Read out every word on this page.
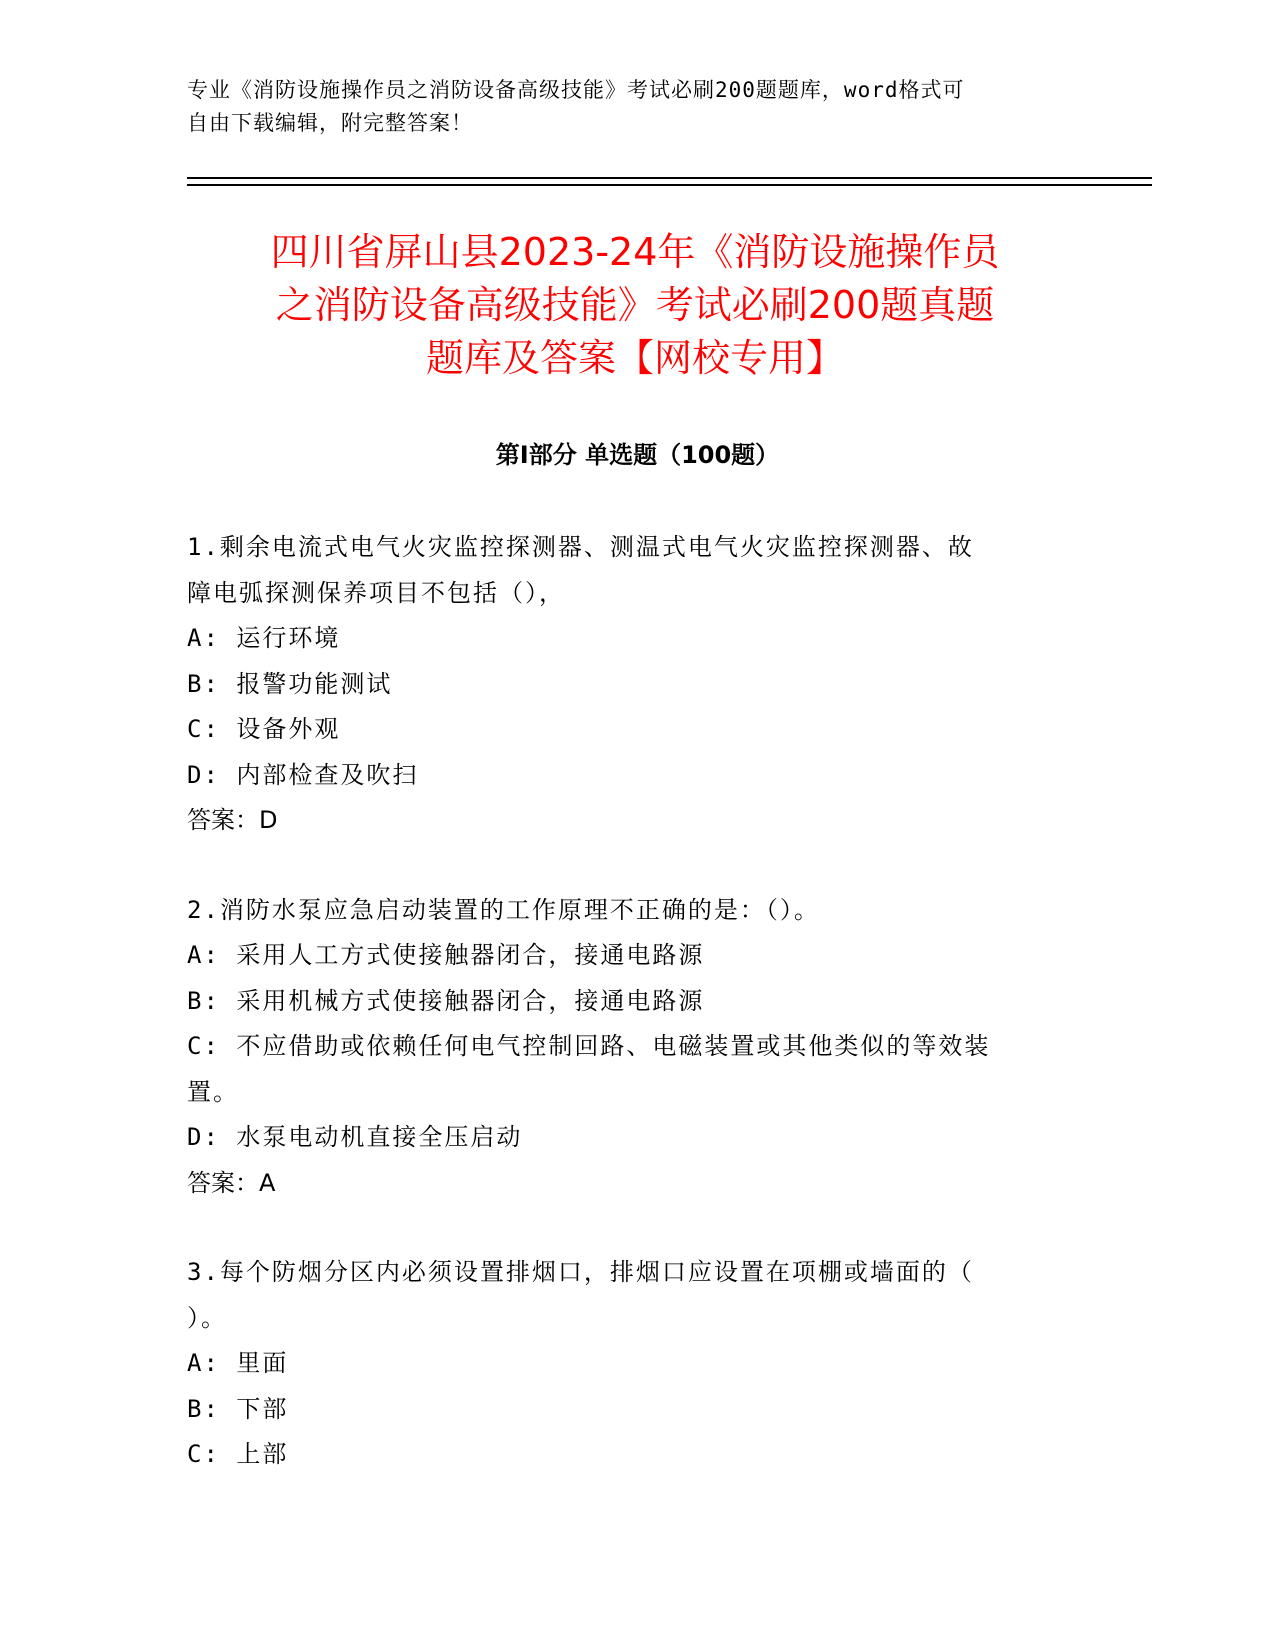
专业《消防设施操作员之消防设备高级技能》考试必刷200题题库，word格式可
自由下载编辑，附完整答案！
四川省屏山县2023-24年《消防设施操作员
之消防设备高级技能》考试必刷200题真题
题库及答案【网校专用】
第Ⅰ部分 单选题（100题）

1.剩余电流式电气火灾监控探测器、测温式电气火灾监控探测器、故

障电弧探测保养项目不包括（），

A: 运行环境

B: 报警功能测试

C: 设备外观

D: 内部检查及吹扫

答案：D

2.消防水泵应急启动装置的工作原理不正确的是：（）。

A: 采用人工方式使接触器闭合，接通电路源

B: 采用机械方式使接触器闭合，接通电路源

C: 不应借助或依赖任何电气控制回路、电磁装置或其他类似的等效装

置。

D: 水泵电动机直接全压启动

答案：A

3.每个防烟分区内必须设置排烟口，排烟口应设置在项棚或墙面的（

）。

A: 里面

B: 下部

C: 上部
